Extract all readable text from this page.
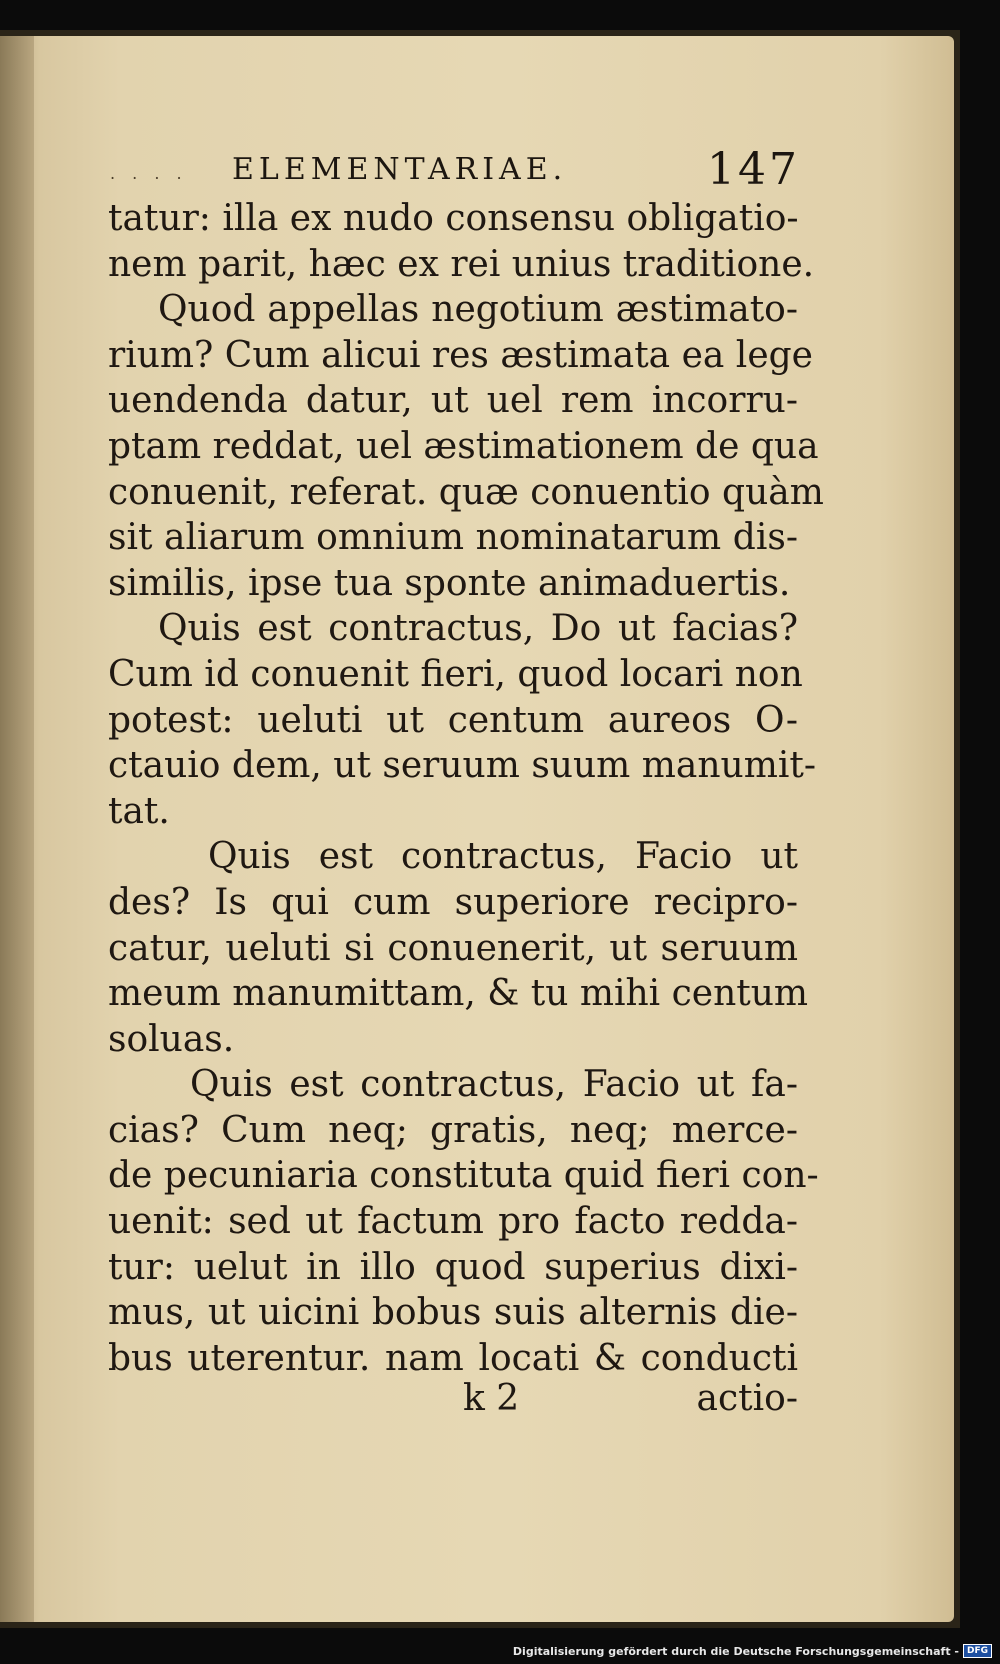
. . . . ELEMENTARIAE.	147
tatur: illa ex nudo consensu obligatio-
nem parit, hæc ex rei unius traditione.
Quod appellas negotium æstimato-
rium? Cum alicui res æstimata ea lege
uendenda datur, ut uel rem incorru-
ptam reddat, uel æstimationem de qua
conuenit, referat. quæ conuentio quàm
sit aliarum omnium nominatarum dis-
similis, ipse tua sponte animaduertis.
Quis est contractus, Do ut facias?
Cum id conuenit fieri, quod locari non
potest: ueluti ut centum aureos O-
ctauio dem, ut seruum suum manumit-
tat.
Quis est contractus, Facio ut
des? Is qui cum superiore recipro-
catur, ueluti si conuenerit, ut seruum
meum manumittam, & tu mihi centum
soluas.
Quis est contractus, Facio ut fa-
cias? Cum neq; gratis, neq; merce-
de pecuniaria constituta quid fieri con-
uenit: sed ut factum pro facto redda-
tur: uelut in illo quod superius dixi-
mus, ut uicini bobus suis alternis die-
bus uterentur. nam locati & conducti
k 2	actio-
Digitalisierung gefördert durch die Deutsche Forschungsgemeinschaft - DFG
